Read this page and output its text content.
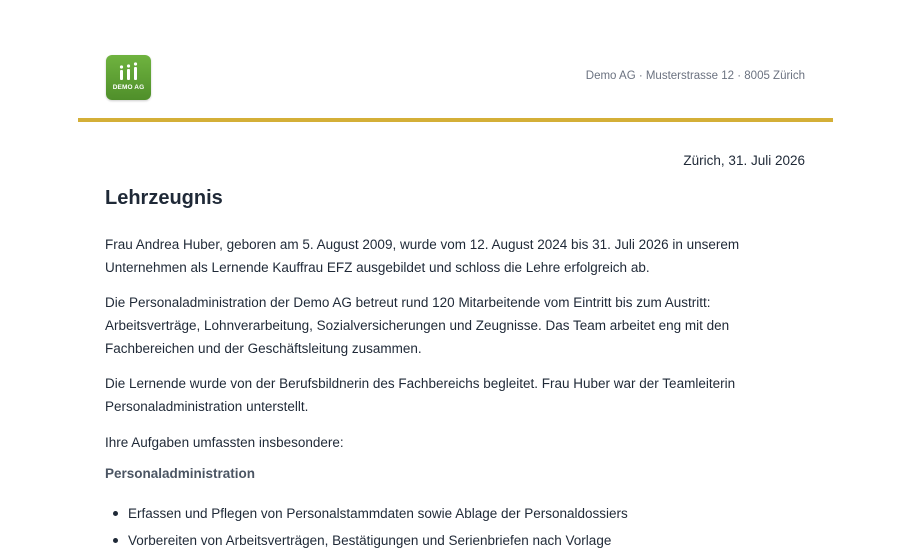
DEMO AG
Demo AG · Musterstrasse 12 · 8005 Zürich
Zürich, 31. Juli 2026
Lehrzeugnis

Frau Andrea Huber, geboren am 5. August 2009, wurde vom 12. August 2024 bis 31. Juli 2026 in unserem Unternehmen als Lernende Kauffrau EFZ ausgebildet und schloss die Lehre erfolgreich ab.

Die Personaladministration der Demo AG betreut rund 120 Mitarbeitende vom Eintritt bis zum Austritt: Arbeitsverträge, Lohnverarbeitung, Sozialversicherungen und Zeugnisse. Das Team arbeitet eng mit den Fachbereichen und der Geschäftsleitung zusammen.

Die Lernende wurde von der Berufsbildnerin des Fachbereichs begleitet. Frau Huber war der Teamleiterin Personaladministration unterstellt.

Ihre Aufgaben umfassten insbesondere:

Personaladministration
Erfassen und Pflegen von Personalstammdaten sowie Ablage der Personaldossiers
Vorbereiten von Arbeitsverträgen, Bestätigungen und Serienbriefen nach Vorlage
